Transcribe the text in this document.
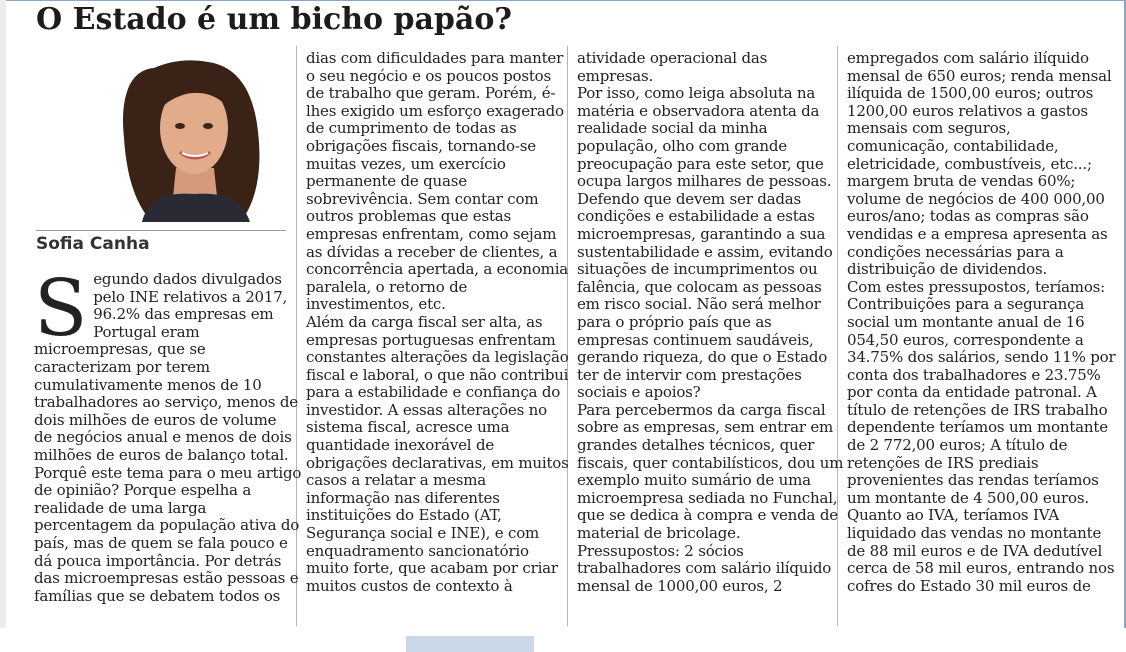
O Estado é um bicho papão?
Sofia Canha
S egundo dados divulgados
pelo INE relativos a 2017,
96.2% das empresas em
Portugal eram
microempresas, que se
caracterizam por terem
cumulativamente menos de 10
trabalhadores ao serviço, menos de
dois milhões de euros de volume
de negócios anual e menos de dois
milhões de euros de balanço total.
Porquê este tema para o meu artigo
de opinião? Porque espelha a
realidade de uma larga
percentagem da população ativa do
país, mas de quem se fala pouco e
dá pouca importância. Por detrás
das microempresas estão pessoas e
famílias que se debatem todos os
dias com dificuldades para manter
o seu negócio e os poucos postos
de trabalho que geram. Porém, é-
lhes exigido um esforço exagerado
de cumprimento de todas as
obrigações fiscais, tornando-se
muitas vezes, um exercício
permanente de quase
sobrevivência. Sem contar com
outros problemas que estas
empresas enfrentam, como sejam
as dívidas a receber de clientes, a
concorrência apertada, a economia
paralela, o retorno de
investimentos, etc.
Além da carga fiscal ser alta, as
empresas portuguesas enfrentam
constantes alterações da legislação
fiscal e laboral, o que não contribui
para a estabilidade e confiança do
investidor. A essas alterações no
sistema fiscal, acresce uma
quantidade inexorável de
obrigações declarativas, em muitos
casos a relatar a mesma
informação nas diferentes
instituições do Estado (AT,
Segurança social e INE), e com
enquadramento sancionatório
muito forte, que acabam por criar
muitos custos de contexto à
atividade operacional das
empresas.
Por isso, como leiga absoluta na
matéria e observadora atenta da
realidade social da minha
população, olho com grande
preocupação para este setor, que
ocupa largos milhares de pessoas.
Defendo que devem ser dadas
condições e estabilidade a estas
microempresas, garantindo a sua
sustentabilidade e assim, evitando
situações de incumprimentos ou
falência, que colocam as pessoas
em risco social. Não será melhor
para o próprio país que as
empresas continuem saudáveis,
gerando riqueza, do que o Estado
ter de intervir com prestações
sociais e apoios?
Para percebermos da carga fiscal
sobre as empresas, sem entrar em
grandes detalhes técnicos, quer
fiscais, quer contabilísticos, dou um
exemplo muito sumário de uma
microempresa sediada no Funchal,
que se dedica à compra e venda de
material de bricolage.
Pressupostos: 2 sócios
trabalhadores com salário ilíquido
mensal de 1000,00 euros, 2
empregados com salário ilíquido
mensal de 650 euros; renda mensal
ilíquida de 1500,00 euros; outros
1200,00 euros relativos a gastos
mensais com seguros,
comunicação, contabilidade,
eletricidade, combustíveis, etc...;
margem bruta de vendas 60%;
volume de negócios de 400 000,00
euros/ano; todas as compras são
vendidas e a empresa apresenta as
condições necessárias para a
distribuição de dividendos.
Com estes pressupostos, teríamos:
Contribuições para a segurança
social um montante anual de 16
054,50 euros, correspondente a
34.75% dos salários, sendo 11% por
conta dos trabalhadores e 23.75%
por conta da entidade patronal. A
título de retenções de IRS trabalho
dependente teríamos um montante
de 2 772,00 euros; A título de
retenções de IRS prediais
provenientes das rendas teríamos
um montante de 4 500,00 euros.
Quanto ao IVA, teríamos IVA
liquidado das vendas no montante
de 88 mil euros e de IVA dedutível
cerca de 58 mil euros, entrando nos
cofres do Estado 30 mil euros de
